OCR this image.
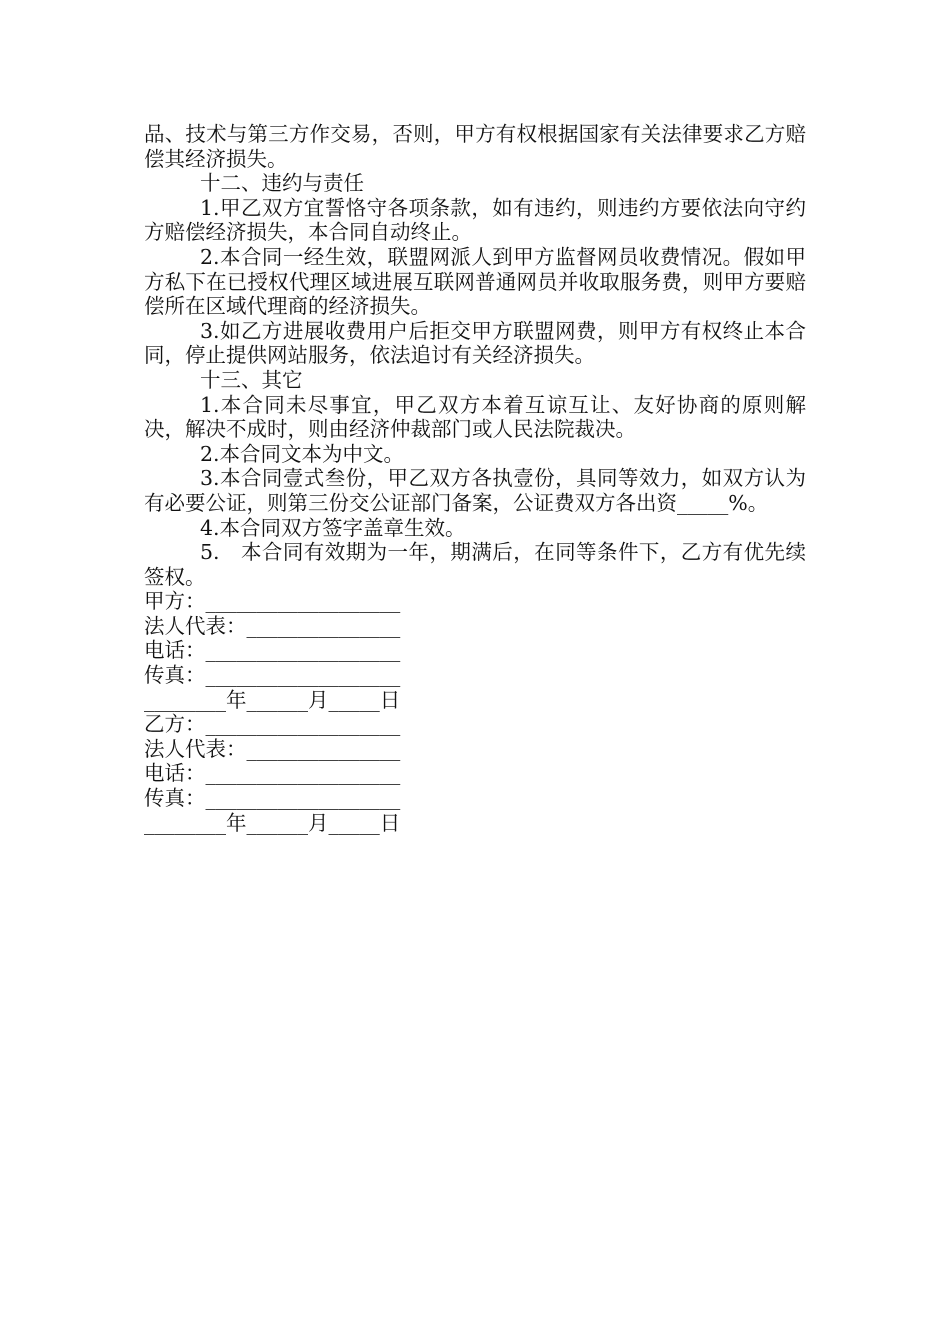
品、技术与第三方作交易，否则，甲方有权根据国家有关法律要求乙方赔偿其经济损失。

十二、违约与责任

1.甲乙双方宜誓恪守各项条款，如有违约，则违约方要依法向守约方赔偿经济损失，本合同自动终止。

2.本合同一经生效，联盟网派人到甲方监督网员收费情况。假如甲方私下在已授权代理区域进展互联网普通网员并收取服务费，则甲方要赔偿所在区域代理商的经济损失。

3.如乙方进展收费用户后拒交甲方联盟网费，则甲方有权终止本合同，停止提供网站服务，依法追讨有关经济损失。

十三、其它

1.本合同未尽事宜，甲乙双方本着互谅互让、友好协商的原则解决，解决不成时，则由经济仲裁部门或人民法院裁决。

2.本合同文本为中文。

3.本合同壹式叁份，甲乙双方各执壹份，具同等效力，如双方认为有必要公证，则第三份交公证部门备案，公证费双方各出资_____%。

4.本合同双方签字盖章生效。

5.　本合同有效期为一年，期满后，在同等条件下，乙方有优先续签权。

甲方：___________________

法人代表：_______________

电话：___________________

传真：___________________

________年______月_____日

乙方：___________________

法人代表：_______________

电话：___________________

传真：___________________

________年______月_____日
